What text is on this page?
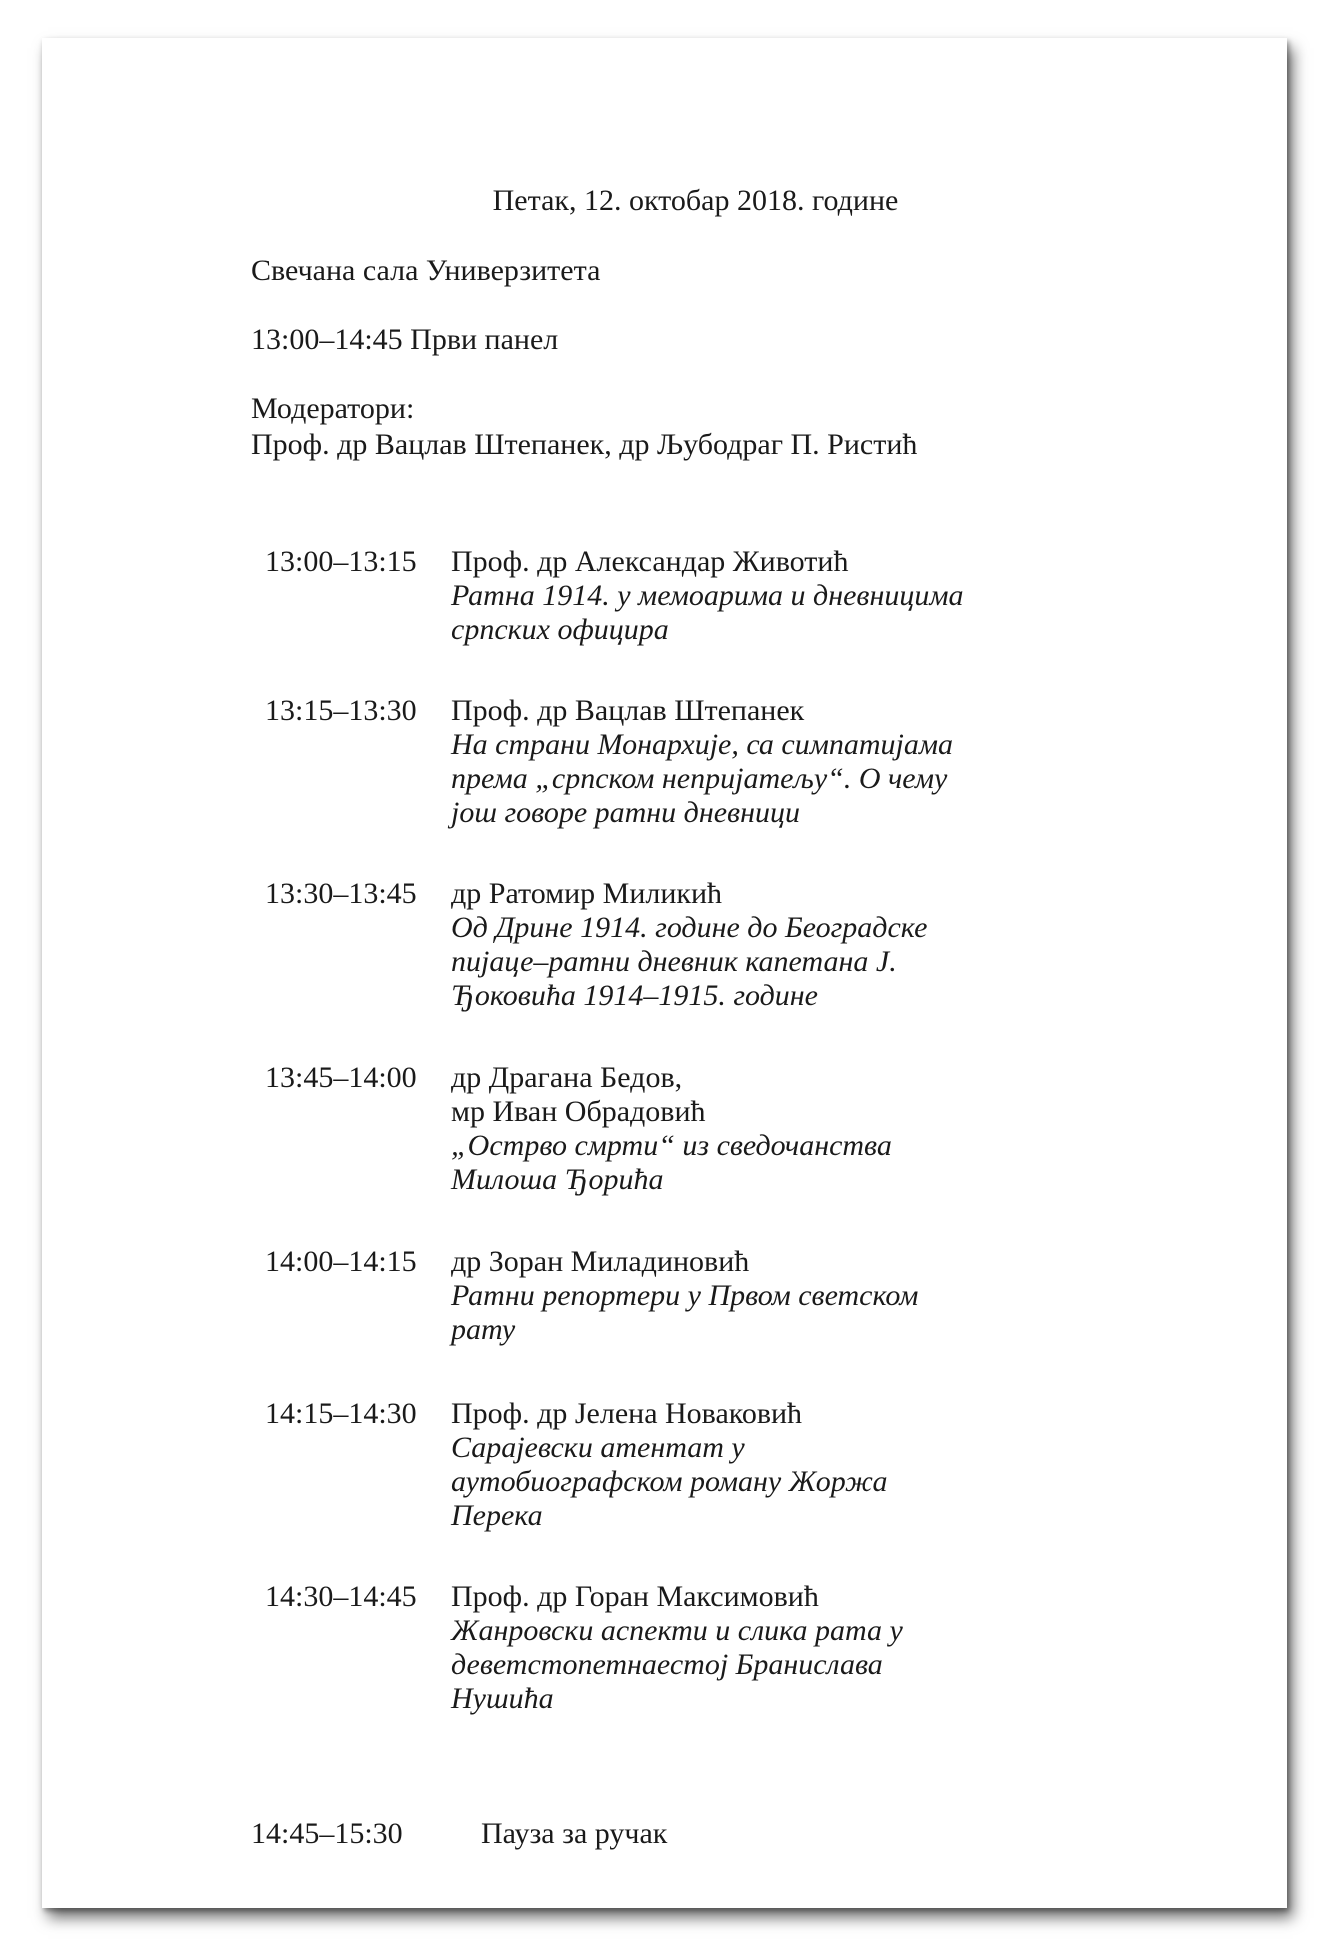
Петак, 12. октобар 2018. године
Свечана сала Универзитета
13:00–14:45 Први панел
Модератори:
Проф. др Вацлав Штепанек, др Љубодраг П. Ристић
13:00–13:15 Проф. др Александар Животић
Ратна 1914. у мемоарима и дневницима
српских официра
13:15–13:30 Проф. др Вацлав Штепанек
На страни Монархије, са симпатијама
према „српском непријатељу“. О чему
још говоре ратни дневници
13:30–13:45 др Ратомир Миликић
Од Дрине 1914. године до Београдске
пијаце–ратни дневник капетана Ј.
Ђоковића 1914–1915. године
13:45–14:00 др Драгана Бедов,
мр Иван Обрадовић
„Острво смрти“ из сведочанства
Милоша Ђорића
14:00–14:15 др Зоран Миладиновић
Ратни репортери у Првом светском
рату
14:15–14:30 Проф. др Јелена Новаковић
Сарајевски атентат у
аутобиографском роману Жоржа
Перека
14:30–14:45 Проф. др Горан Максимовић
Жанровски аспекти и слика рата у
деветстопетнаестој Бранислава
Нушића
14:45–15:30	Пауза за ручак
